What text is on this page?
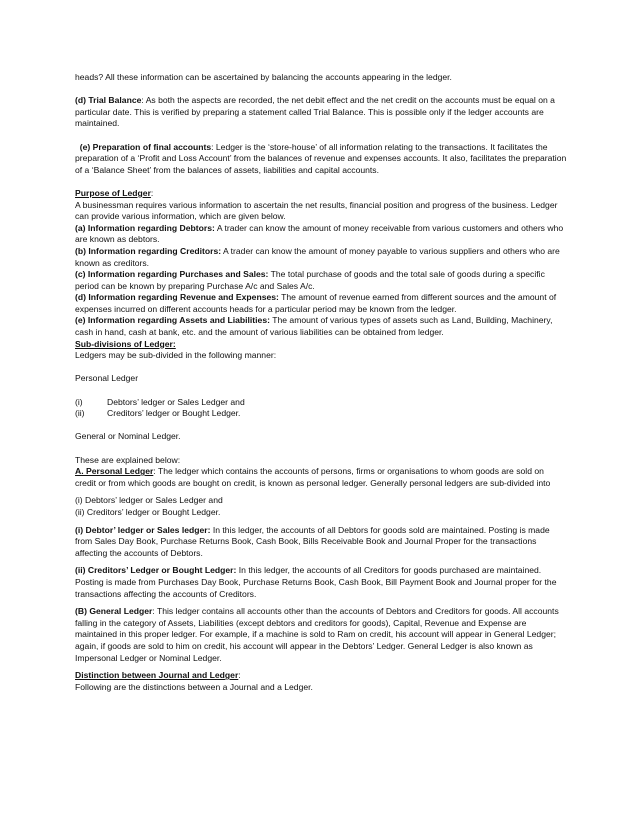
heads? All these information can be ascertained by balancing the accounts appearing in the ledger.

(d) Trial Balance: As both the aspects are recorded, the net debit effect and the net credit on the accounts must be equal on a particular date. This is verified by preparing a statement called Trial Balance. This is possible only if the ledger accounts are maintained.

(e) Preparation of final accounts: Ledger is the ‘store-house’ of all information relating to the transactions. It facilitates the preparation of a ‘Profit and Loss Account’ from the balances of revenue and expenses accounts. It also, facilitates the preparation of a ‘Balance Sheet’ from the balances of assets, liabilities and capital accounts.

Purpose of Ledger:

A businessman requires various information to ascertain the net results, financial position and progress of the business. Ledger can provide various information, which are given below.

(a) Information regarding Debtors: A trader can know the amount of money receivable from various customers and others who are known as debtors.

(b) Information regarding Creditors: A trader can know the amount of money payable to various suppliers and others who are known as creditors.

(c) Information regarding Purchases and Sales: The total purchase of goods and the total sale of goods during a specific period can be known by preparing Purchase A/c and Sales A/c.

(d) Information regarding Revenue and Expenses: The amount of revenue earned from different sources and the amount of expenses incurred on different accounts heads for a particular period may be known from the ledger.

(e) Information regarding Assets and Liabilities: The amount of various types of assets such as Land, Building, Machinery, cash in hand, cash at bank, etc. and the amount of various liabilities can be obtained from ledger.

Sub-divisions of Ledger:

Ledgers may be sub-divided in the following manner:

Personal Ledger

(i)	Debtors’ ledger or Sales Ledger and
(ii)	Creditors’ ledger or Bought Ledger.

General or Nominal Ledger.

These are explained below:

A. Personal Ledger: The ledger which contains the accounts of persons, firms or organisations to whom goods are sold on credit or from which goods are bought on credit, is known as personal ledger. Generally personal ledgers are sub-divided into

(i) Debtors’ ledger or Sales Ledger and

(ii) Creditors’ ledger or Bought Ledger.

(i) Debtor’ ledger or Sales ledger: In this ledger, the accounts of all Debtors for goods sold are maintained. Posting is made from Sales Day Book, Purchase Returns Book, Cash Book, Bills Receivable Book and Journal Proper for the transactions affecting the accounts of Debtors.

(ii) Creditors’ Ledger or Bought Ledger: In this ledger, the accounts of all Creditors for goods purchased are maintained. Posting is made from Purchases Day Book, Purchase Returns Book, Cash Book, Bill Payment Book and Journal proper for the transactions affecting the accounts of Creditors.

(B) General Ledger: This ledger contains all accounts other than the accounts of Debtors and Creditors for goods. All accounts falling in the category of Assets, Liabilities (except debtors and creditors for goods), Capital, Revenue and Expense are maintained in this proper ledger. For example, if a machine is sold to Ram on credit, his account will appear in General Ledger; again, if goods are sold to him on credit, his account will appear in the Debtors’ Ledger. General Ledger is also known as Impersonal Ledger or Nominal Ledger.

Distinction between Journal and Ledger:

Following are the distinctions between a Journal and a Ledger.
